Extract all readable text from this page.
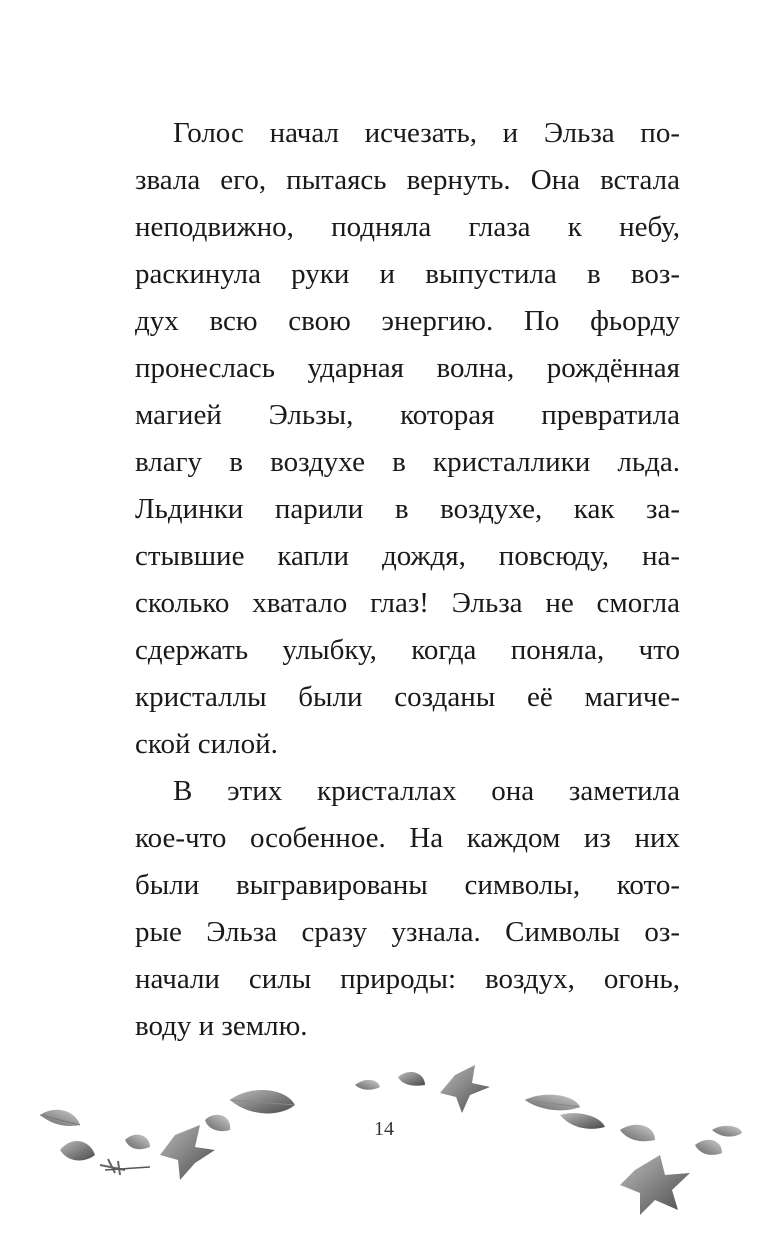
Голос начал исчезать, и Эльза по-
звала его, пытаясь вернуть. Она встала
неподвижно, подняла глаза к небу,
раскинула руки и выпустила в воз-
дух всю свою энергию. По фьорду
пронеслась ударная волна, рождённая
магией Эльзы, которая превратила
влагу в воздухе в кристаллики льда.
Льдинки парили в воздухе, как за-
стывшие капли дождя, повсюду, на-
сколько хватало глаз! Эльза не смогла
сдержать улыбку, когда поняла, что
кристаллы были созданы её магиче-
ской силой.
В этих кристаллах она заметила
кое-что особенное. На каждом из них
были выгравированы символы, кото-
рые Эльза сразу узнала. Символы оз-
начали силы природы: воздух, огонь,
воду и землю.
14
